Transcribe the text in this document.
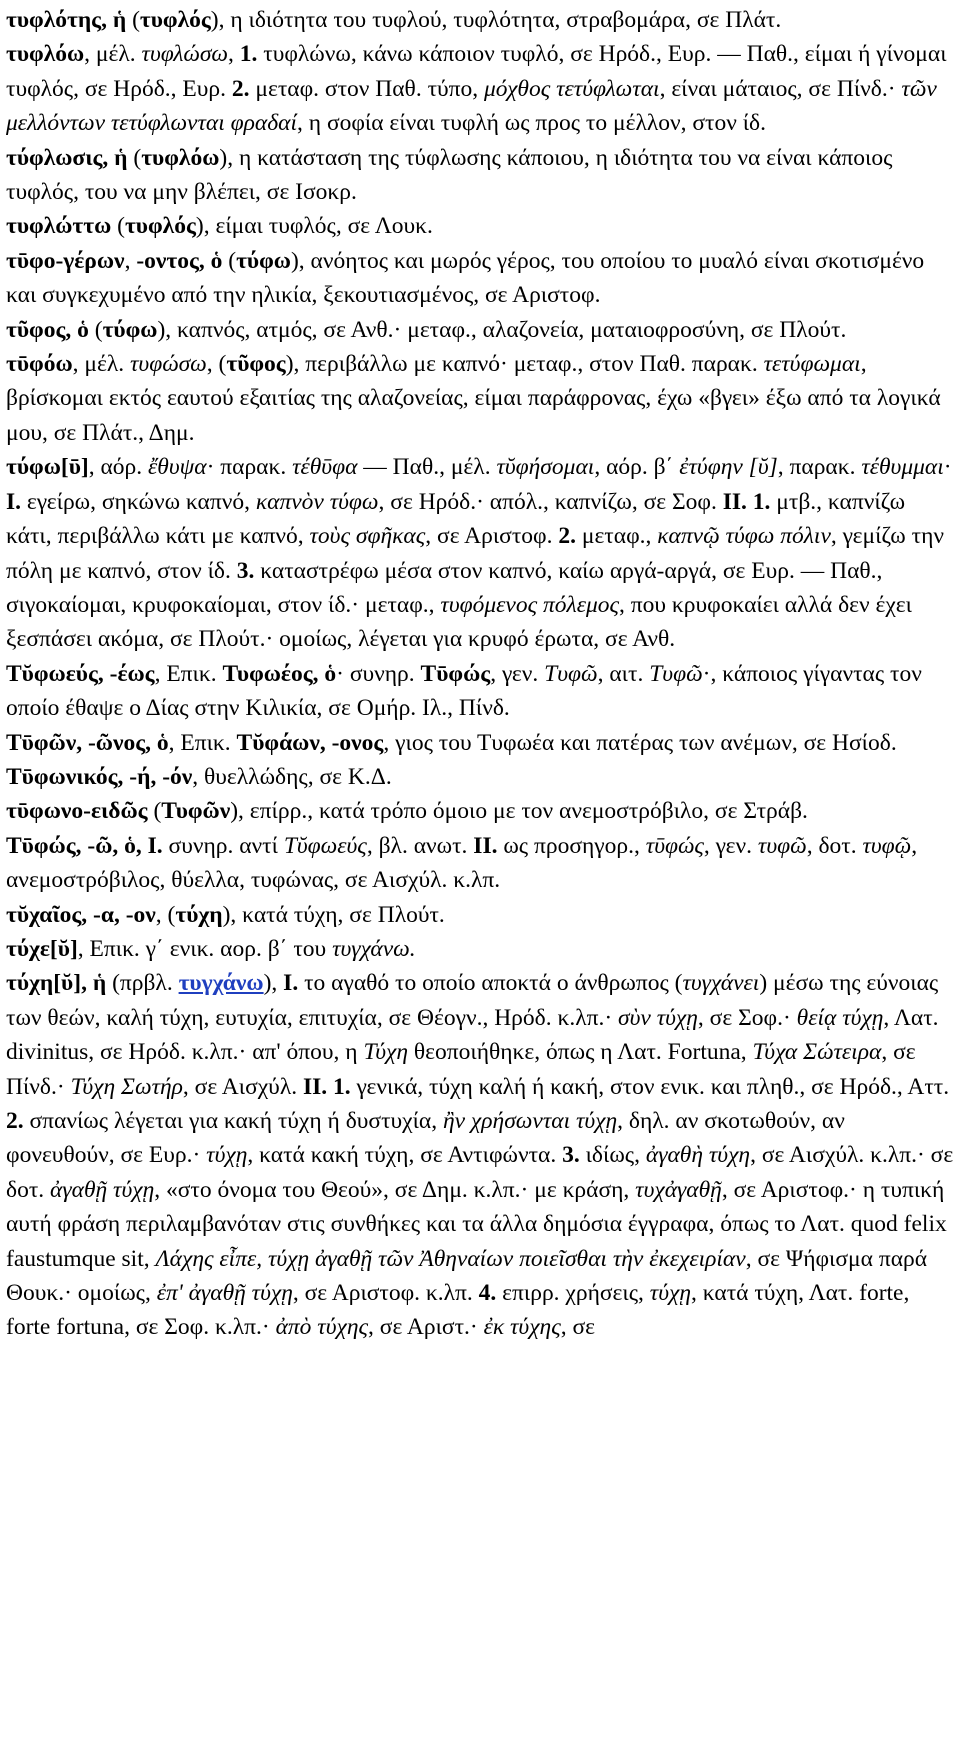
τυφλότης, ἡ (τυφλός), η ιδιότητα του τυφλού, τυφλότητα, στραβομάρα, σε Πλάτ.

τυφλόω, μέλ. τυφλώσω, 1. τυφλώνω, κάνω κάποιον τυφλό, σε Ηρόδ., Ευρ. — Παθ., είμαι ή γίνομαι τυφλός, σε Ηρόδ., Ευρ. 2. μεταφ. στον Παθ. τύπο, μόχθος τετύφλωται, είναι μάταιος, σε Πίνδ.· τῶν μελλόντων τετύφλωνται φραδαί, η σοφία είναι τυφλή ως προς το μέλλον, στον ίδ.

τύφλωσις, ἡ (τυφλόω), η κατάσταση της τύφλωσης κάποιου, η ιδιότητα του να είναι κάποιος τυφλός, του να μην βλέπει, σε Ισοκρ.

τυφλώττω (τυφλός), είμαι τυφλός, σε Λουκ.

τῡφο-γέρων, -οντος, ὁ (τύφω), ανόητος και μωρός γέρος, του οποίου το μυαλό είναι σκοτισμένο και συγκεχυμένο από την ηλικία, ξεκουτιασμένος, σε Αριστοφ.

τῦφος, ὁ (τύφω), καπνός, ατμός, σε Ανθ.· μεταφ., αλαζονεία, ματαιοφροσύνη, σε Πλούτ.

τῡφόω, μέλ. τυφώσω, (τῦφος), περιβάλλω με καπνό· μεταφ., στον Παθ. παρακ. τετύφωμαι, βρίσκομαι εκτός εαυτού εξαιτίας της αλαζονείας, είμαι παράφρονας, έχω «βγει» έξω από τα λογικά μου, σε Πλάτ., Δημ.

τύφω[ῡ], αόρ. ἔθυψα· παρακ. τέθῡφα — Παθ., μέλ. τῠφήσομαι, αόρ. β΄ ἐτύφην [ῠ], παρακ. τέθυμμαι· I. εγείρω, σηκώνω καπνό, καπνὸν τύφω, σε Ηρόδ.· απόλ., καπνίζω, σε Σοφ. II. 1. μτβ., καπνίζω κάτι, περιβάλλω κάτι με καπνό, τοὺς σφῆκας, σε Αριστοφ. 2. μεταφ., καπνῷ τύφω πόλιν, γεμίζω την πόλη με καπνό, στον ίδ. 3. καταστρέφω μέσα στον καπνό, καίω αργά-αργά, σε Ευρ. — Παθ., σιγοκαίομαι, κρυφοκαίομαι, στον ίδ.· μεταφ., τυφόμενος πόλεμος, που κρυφοκαίει αλλά δεν έχει ξεσπάσει ακόμα, σε Πλούτ.· ομοίως, λέγεται για κρυφό έρωτα, σε Ανθ.

Τῠφωεύς, -έως, Επικ. Τυφωέος, ὁ· συνηρ. Τῡφώς, γεν. Τυφῶ, αιτ. Τυφῶ·, κάποιος γίγαντας τον οποίο έθαψε ο Δίας στην Κιλικία, σε Ομήρ. Ιλ., Πίνδ.

Τῡφῶν, -ῶνος, ὁ, Επικ. Τῠφάων, -ονος, γιος του Τυφωέα και πατέρας των ανέμων, σε Ησίοδ.

Τῡφωνικός, -ή, -όν, θυελλώδης, σε Κ.Δ.

τῡφωνο-ειδῶς (Τυφῶν), επίρρ., κατά τρόπο όμοιο με τον ανεμοστρόβιλο, σε Στράβ.

Τῡφώς, -ῶ, ὁ, I. συνηρ. αντί Τῠφωεύς, βλ. ανωτ. II. ως προσηγορ., τῡφώς, γεν. τυφῶ, δοτ. τυφῷ, ανεμοστρόβιλος, θύελλα, τυφώνας, σε Αισχύλ. κ.λπ.

τῠχαῖος, -α, -ον, (τύχη), κατά τύχη, σε Πλούτ.

τύχε[ῠ], Επικ. γ΄ ενικ. αορ. β΄ του τυγχάνω.

τύχη[ῠ], ἡ (πρβλ. τυγχάνω), I. το αγαθό το οποίο αποκτά ο άνθρωπος (τυγχάνει) μέσω της εύνοιας των θεών, καλή τύχη, ευτυχία, επιτυχία, σε Θέογν., Ηρόδ. κ.λπ.· σὺν τύχῃ, σε Σοφ.· θείᾳ τύχῃ, Λατ. divinitus, σε Ηρόδ. κ.λπ.· απ' όπου, η Τύχη θεοποιήθηκε, όπως η Λατ. Fortuna, Τύχα Σώτειρα, σε Πίνδ.· Τύχη Σωτήρ, σε Αισχύλ. II. 1. γενικά, τύχη καλή ή κακή, στον ενικ. και πληθ., σε Ηρόδ., Αττ. 2. σπανίως λέγεται για κακή τύχη ή δυστυχία, ἢν χρήσωνται τύχῃ, δηλ. αν σκοτωθούν, αν φονευθούν, σε Ευρ.· τύχῃ, κατά κακή τύχη, σε Αντιφώντα. 3. ιδίως, ἀγαθὴ τύχη, σε Αισχύλ. κ.λπ.· σε δοτ. ἀγαθῇ τύχῃ, «στο όνομα του Θεού», σε Δημ. κ.λπ.· με κράση, τυχἀγαθῇ, σε Αριστοφ.· η τυπική αυτή φράση περιλαμβανόταν στις συνθήκες και τα άλλα δημόσια έγγραφα, όπως το Λατ. quod felix faustumque sit, Λάχης εἶπε, τύχῃ ἀγαθῇ τῶν Ἀθηναίων ποιεῖσθαι τὴν ἐκεχειρίαν, σε Ψήφισμα παρά Θουκ.· ομοίως, ἐπ' ἀγαθῇ τύχῃ, σε Αριστοφ. κ.λπ. 4. επιρρ. χρήσεις, τύχῃ, κατά τύχη, Λατ. forte, forte fortuna, σε Σοφ. κ.λπ.· ἀπὸ τύχης, σε Αριστ.· ἐκ τύχης, σε
